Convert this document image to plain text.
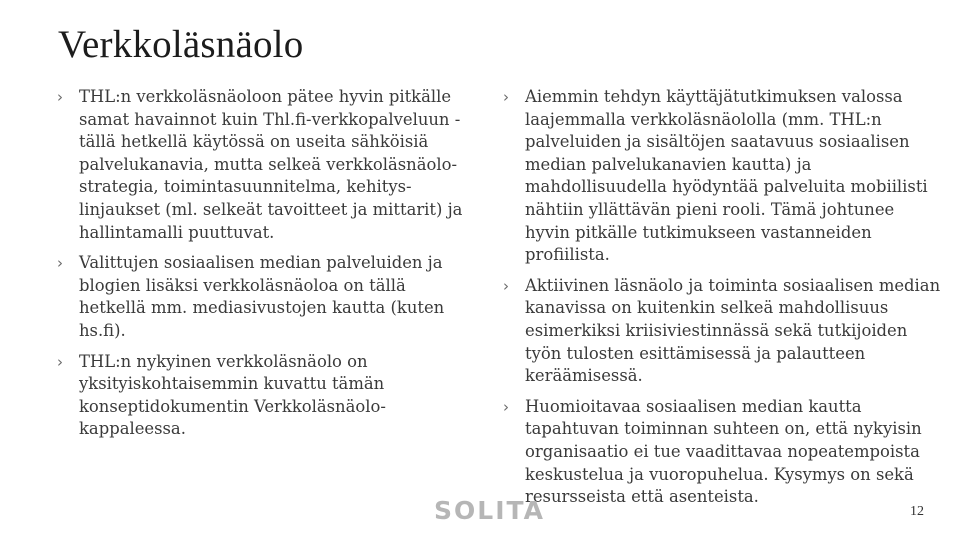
Verkkoläsnäolo
› THL:n verkkoläsnäoloon pätee hyvin pitkälle samat havainnot kuin Thl.fi-verkkopalveluun - tällä hetkellä käytössä on useita sähköisiä palvelukanavia, mutta selkeä verkkoläsnäolo-strategia, toimintasuunnitelma, kehitys-linjaukset (ml. selkeät tavoitteet ja mittarit) ja hallintamalli puuttuvat.
› Valittujen sosiaalisen median palveluiden ja blogien lisäksi verkkoläsnäoloa on tällä hetkellä mm. mediasivustojen kautta (kuten hs.fi).
› THL:n nykyinen verkkoläsnäolo on yksityiskohtaisemmin kuvattu tämän konseptidokumentin Verkkoläsnäolo-kappaleessa.
› Aiemmin tehdyn käyttäjätutkimuksen valossa laajemmalla verkkoläsnäololla (mm. THL:n palveluiden ja sisältöjen saatavuus sosiaalisen median palvelukanavien kautta) ja mahdollisuudella hyödyntää palveluita mobiilisti nähtiin yllättävän pieni rooli. Tämä johtunee hyvin pitkälle tutkimukseen vastanneiden profiilista.
› Aktiivinen läsnäolo ja toiminta sosiaalisen median kanavissa on kuitenkin selkeä mahdollisuus esimerkiksi kriisiviestinnässä sekä tutkijoiden työn tulosten esittämisessä ja palautteen keräämisessä.
› Huomioitavaa sosiaalisen median kautta tapahtuvan toiminnan suhteen on, että nykyisin organisaatio ei tue vaadittavaa nopeatempoista keskustelua ja vuoropuhelua. Kysymys on sekä resursseista että asenteista.
SOLITA	12
